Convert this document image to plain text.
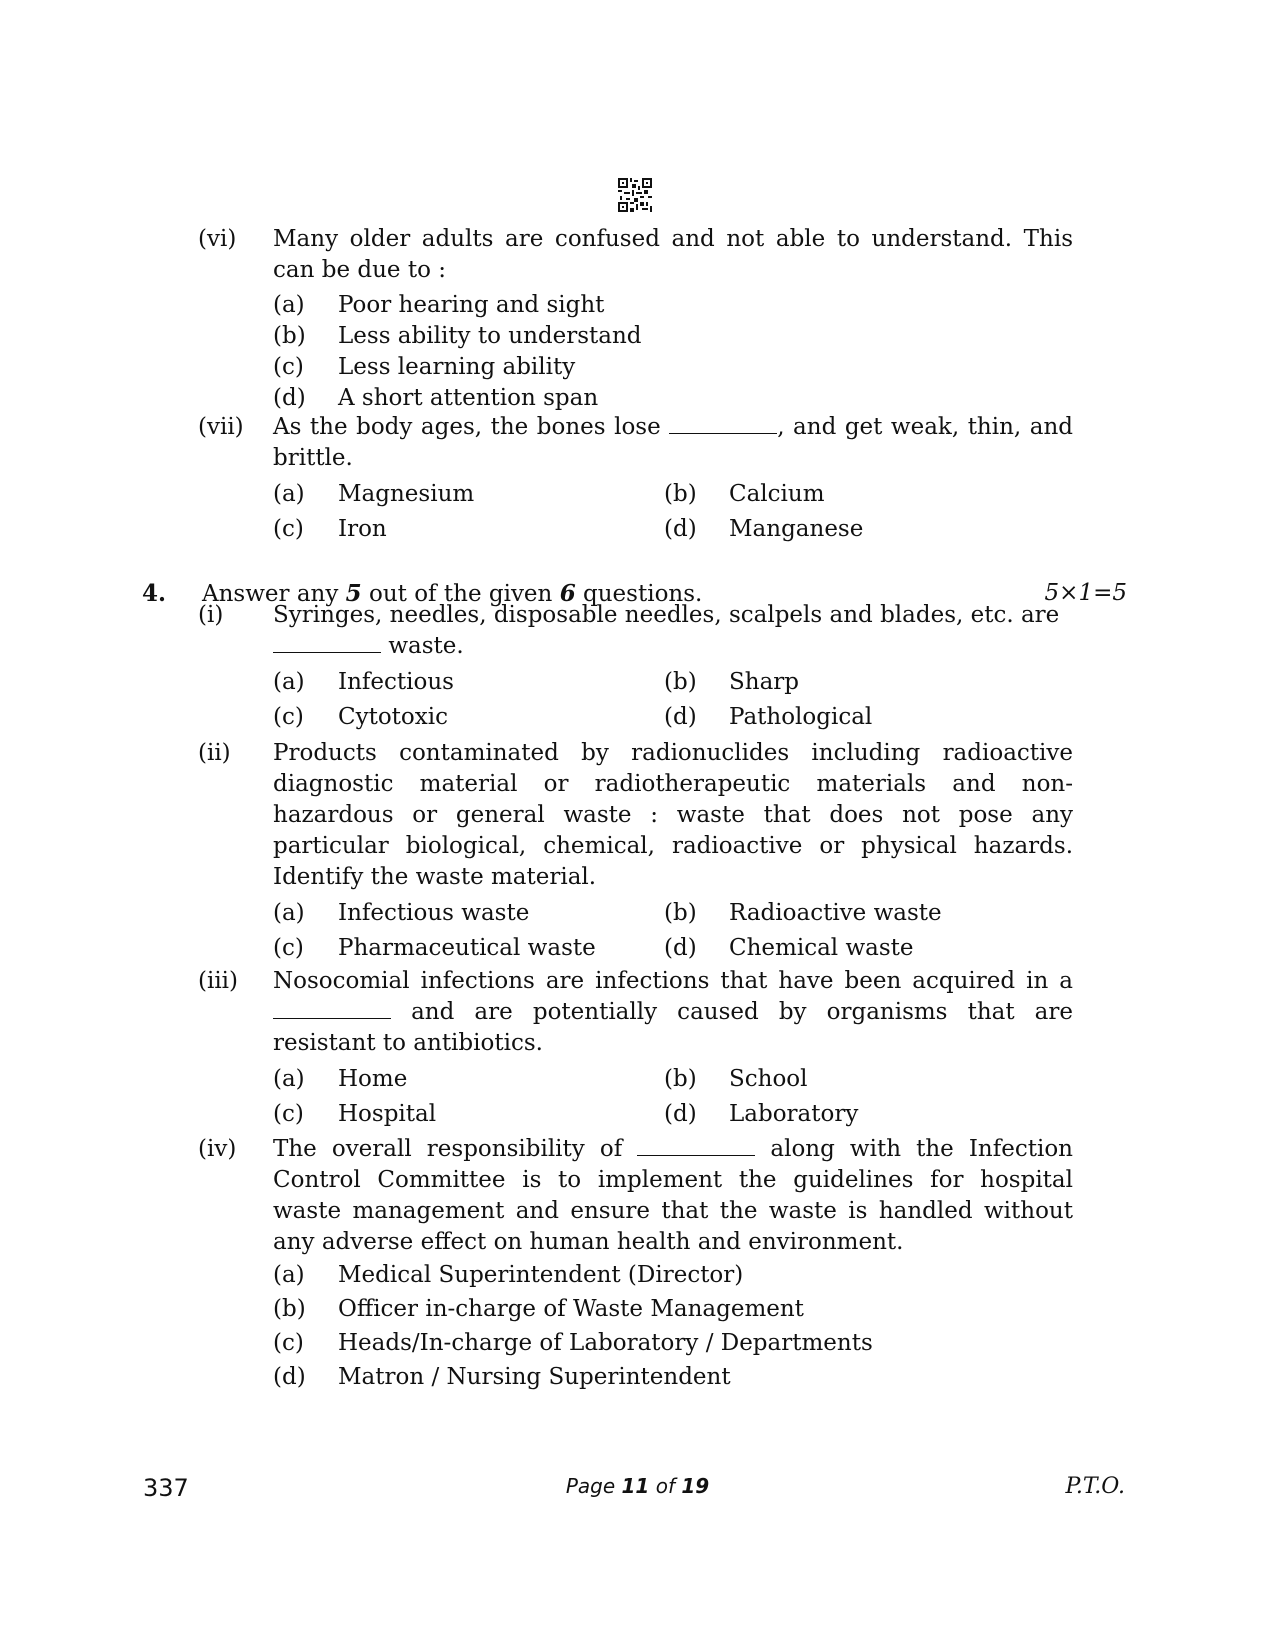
(vi)	Many older adults are confused and not able to understand. This can be due to :
(a)	Poor hearing and sight
(b)	Less ability to understand
(c)	Less learning ability
(d)	A short attention span
(vii)	As the body ages, the bones lose	, and get weak, thin, and brittle.
(a)	Magnesium	(b)	Calcium
(c)	Iron	(d)	Manganese
4. Answer any 5 out of the given 6 questions.	5×1=5
(i)	Syringes, needles, disposable needles, scalpels and blades, etc. are
waste.
(a)	Infectious	(b)	Sharp
(c)	Cytotoxic	(d)	Pathological
(ii)	Products contaminated by radionuclides including radioactive diagnostic material or radiotherapeutic materials and non-hazardous or general waste : waste that does not pose any particular biological, chemical, radioactive or physical hazards. Identify the waste material.
(a)	Infectious waste	(b)	Radioactive waste
(c)	Pharmaceutical waste	(d)	Chemical waste
(iii)	Nosocomial infections are infections that have been acquired in a  and are potentially caused by organisms that are resistant to antibiotics.
(a)	Home	(b)	School
(c)	Hospital	(d)	Laboratory
(iv)	The overall responsibility of	along with the Infection Control Committee is to implement the guidelines for hospital waste management and ensure that the waste is handled without any adverse effect on human health and environment.
(a)	Medical Superintendent (Director)
(b)	Officer in-charge of Waste Management
(c)	Heads/In-charge of Laboratory / Departments
(d)	Matron / Nursing Superintendent
337	Page 11 of 19	P.T.O.
